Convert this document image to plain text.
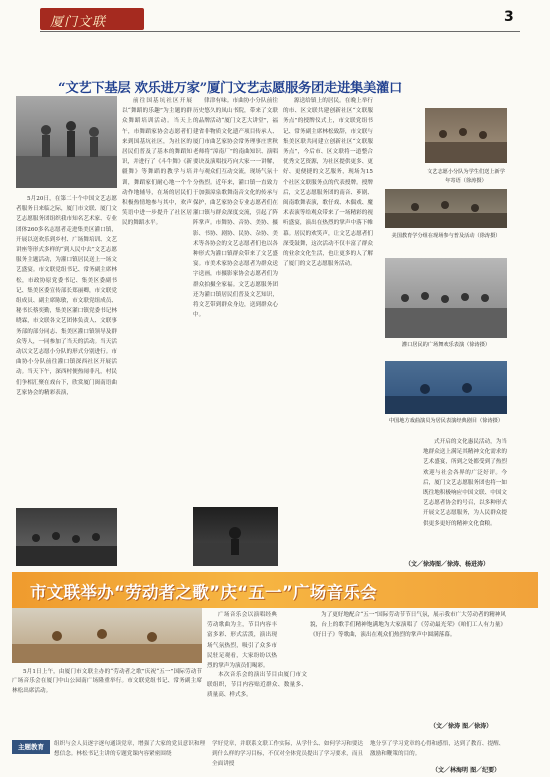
厦门文联	3
“文艺下基层 欢乐进万家”厦门文艺志愿服务团走进集美灌口

5月20日，在第二十个中国文艺志愿者服务日来临之际，厦门市文联、厦门文艺志愿服务团组织我市知名艺术家、专业团体260多名志愿者走进集美区灌口镇，开展以送欢乐到乡村、广场舞培训、文艺讲座等形式多样的“到人民中去”文艺志愿服务主题活动，为灌口镇居民送上一场文艺盛宴。市文联党组书记、常务副主席林松，市政协原党委书记、集美区委副书记、集美区委宣传部长郑丽卿，市文联党组成员、副主席陈敏，市文联党组成员、秘书长蔡奕勤，集美区灌口镇党委书记林晓霖，市文联各文艺团体负责人、文联事务部的部分同志、集美区灌口镇领导及群众等人，一同参加了当天的活动。当天活动以文艺志愿小分队的形式分别进行。市曲协小分队前往灌口镇深西社区开展活动。当天下午，深西村便热闹非凡，村民们争相汇聚在戏台下，欣赏厦门闽南语曲艺家协会的精彩表演，

前往国基坑社区开展以“舞蹈的乐趣”为主题的群众舞蹈培训活动。当天上午，市舞蹈家协会志愿者们来到国基坑社区，为社区的居民们普及了基本的舞蹈知识，并进行了《斗牛舞》《新疆舞》等舞蹈的教学与培训，舞蹈家们耐心地一个个动作地辅导，在场的居民们积极热情地参与其中，欢声笑语中进一步提升了社区居民的舞蹈水平。

律津有味。市曲协小分队前往历史悠久的凤山书院，带来了文联的品牌活动“厦门文艺大讲堂”，福建省非物质文化遗产项目传承人、厦门市曲艺家协会常务理事庄世秋老师将“漳南厂”的南曲知识、演唱要诀及演唱技巧向大家一一讲解，并与观众们互动交流，现场气氛十分热烈。近年来，灌口镇一直致力于加强漳泉歌舞南音文化的传承与保护，曲艺家协会专业志愿者们在灌口镇与群众深度交流，引起了阵阵掌声。市舞协、音协、美协、摄影、书协、剧协、民协、杂协、美术等各协会的文艺志愿者们也以各种形式为灌口镇群众带来了文艺盛宴。市美术家协会志愿者为群众送字送画，市摄影家协会志愿者们为群众拍摄全家福。文艺志愿服务团还为灌口镇居民们普及文艺知识，将文艺带到群众身边，送到群众心中。

源送给镇上的居民。在晚上举行的市、区文联共建创新社区“文联服务点”的授牌仪式上，市文联党组书记、常务副主席林松致辞，市文联与集美区联共同建立创新社区“文联服务点”，今后市、区文联将一道整合优秀文艺资源，为社区提供更多、更好、更便捷的文艺服务，现场为15个社区文联服务点的代表授牌。授牌后，文艺志愿服务团的南音、芗剧、闽南歌舞表演，歌仔戏、木偶戏、魔术表演等给观众带来了一场精彩的视听盛宴，演出在热烈的掌声中落下帷幕。居民的欢笑声，让文艺志愿者们深受鼓舞，这次活动不仅丰富了群众的业余文化生活，也让更多的人了解了厦门的文艺志愿服务活动。

文艺志愿小分队为学生们送上新学年寄语（徐涛摄）
美国教育学分组在现场参与普及活动（徐涛摄）
灌口居民的广场舞欢乐表演（徐涛摄）
中国地方戏曲演员为居民表演经典剧目（徐涛摄）

式开启的文化惠民活动，为当地群众送上满足其精神文化需求的艺术盛宴，所到之处都受到了热烈欢迎与社会各界的广泛好评。今后，厦门文艺志愿服务团也将一如既往地积极响应中国文联、中国文艺志愿者协会的号召，以多种形式开展文艺志愿服务，为人民群众提供更多更好的精神文化食粮。

（文／徐涛图／徐涛、杨进涛）
市文联举办“劳动者之歌”庆“五一”广场音乐会

5月1日上午，由厦门市文联主办的“劳动者之歌”庆祝“五一”国际劳动节广场音乐会在厦门中山公园南广场隆重举行。市文联党组书记、常务副主席林松出席活动。

广场音乐会以演唱经典劳动歌曲为主，节目内容丰富多彩、形式活泼，演出现场气氛热烈，吸引了众多市民驻足观看，大家纷纷以热烈的掌声为演员们喝彩。

本次音乐会的演出节目由厦门市文联组织，节目内容贴近群众、数量多、质量高、样式多。

为了更好地配合“五一”国际劳动节节日气氛，展示我市广大劳动者的精神风貌，台上的歌手们精神饱满地为大家演唱了《劳动最光荣》《咱们工人有力量》《好日子》等歌曲，演出在观众们热烈的掌声中圆满落幕。

（文／徐涛 图／徐涛）
主题教育 组织与会人员逐字逐句通读党章，增强了大家的党员意识和理想信念。林松书记主讲的专题党课内容紧密围绕

学好党章，并联系文联工作实际，从学什么、如何学习和要达到什么样的学习目标，不仅对全体党员提出了学习要求，而且全面讲授

地分享了学习党章的心得和感悟，达到了教育、提醒、激励和鞭策的目的。

（文／林海明 图／纪要）
